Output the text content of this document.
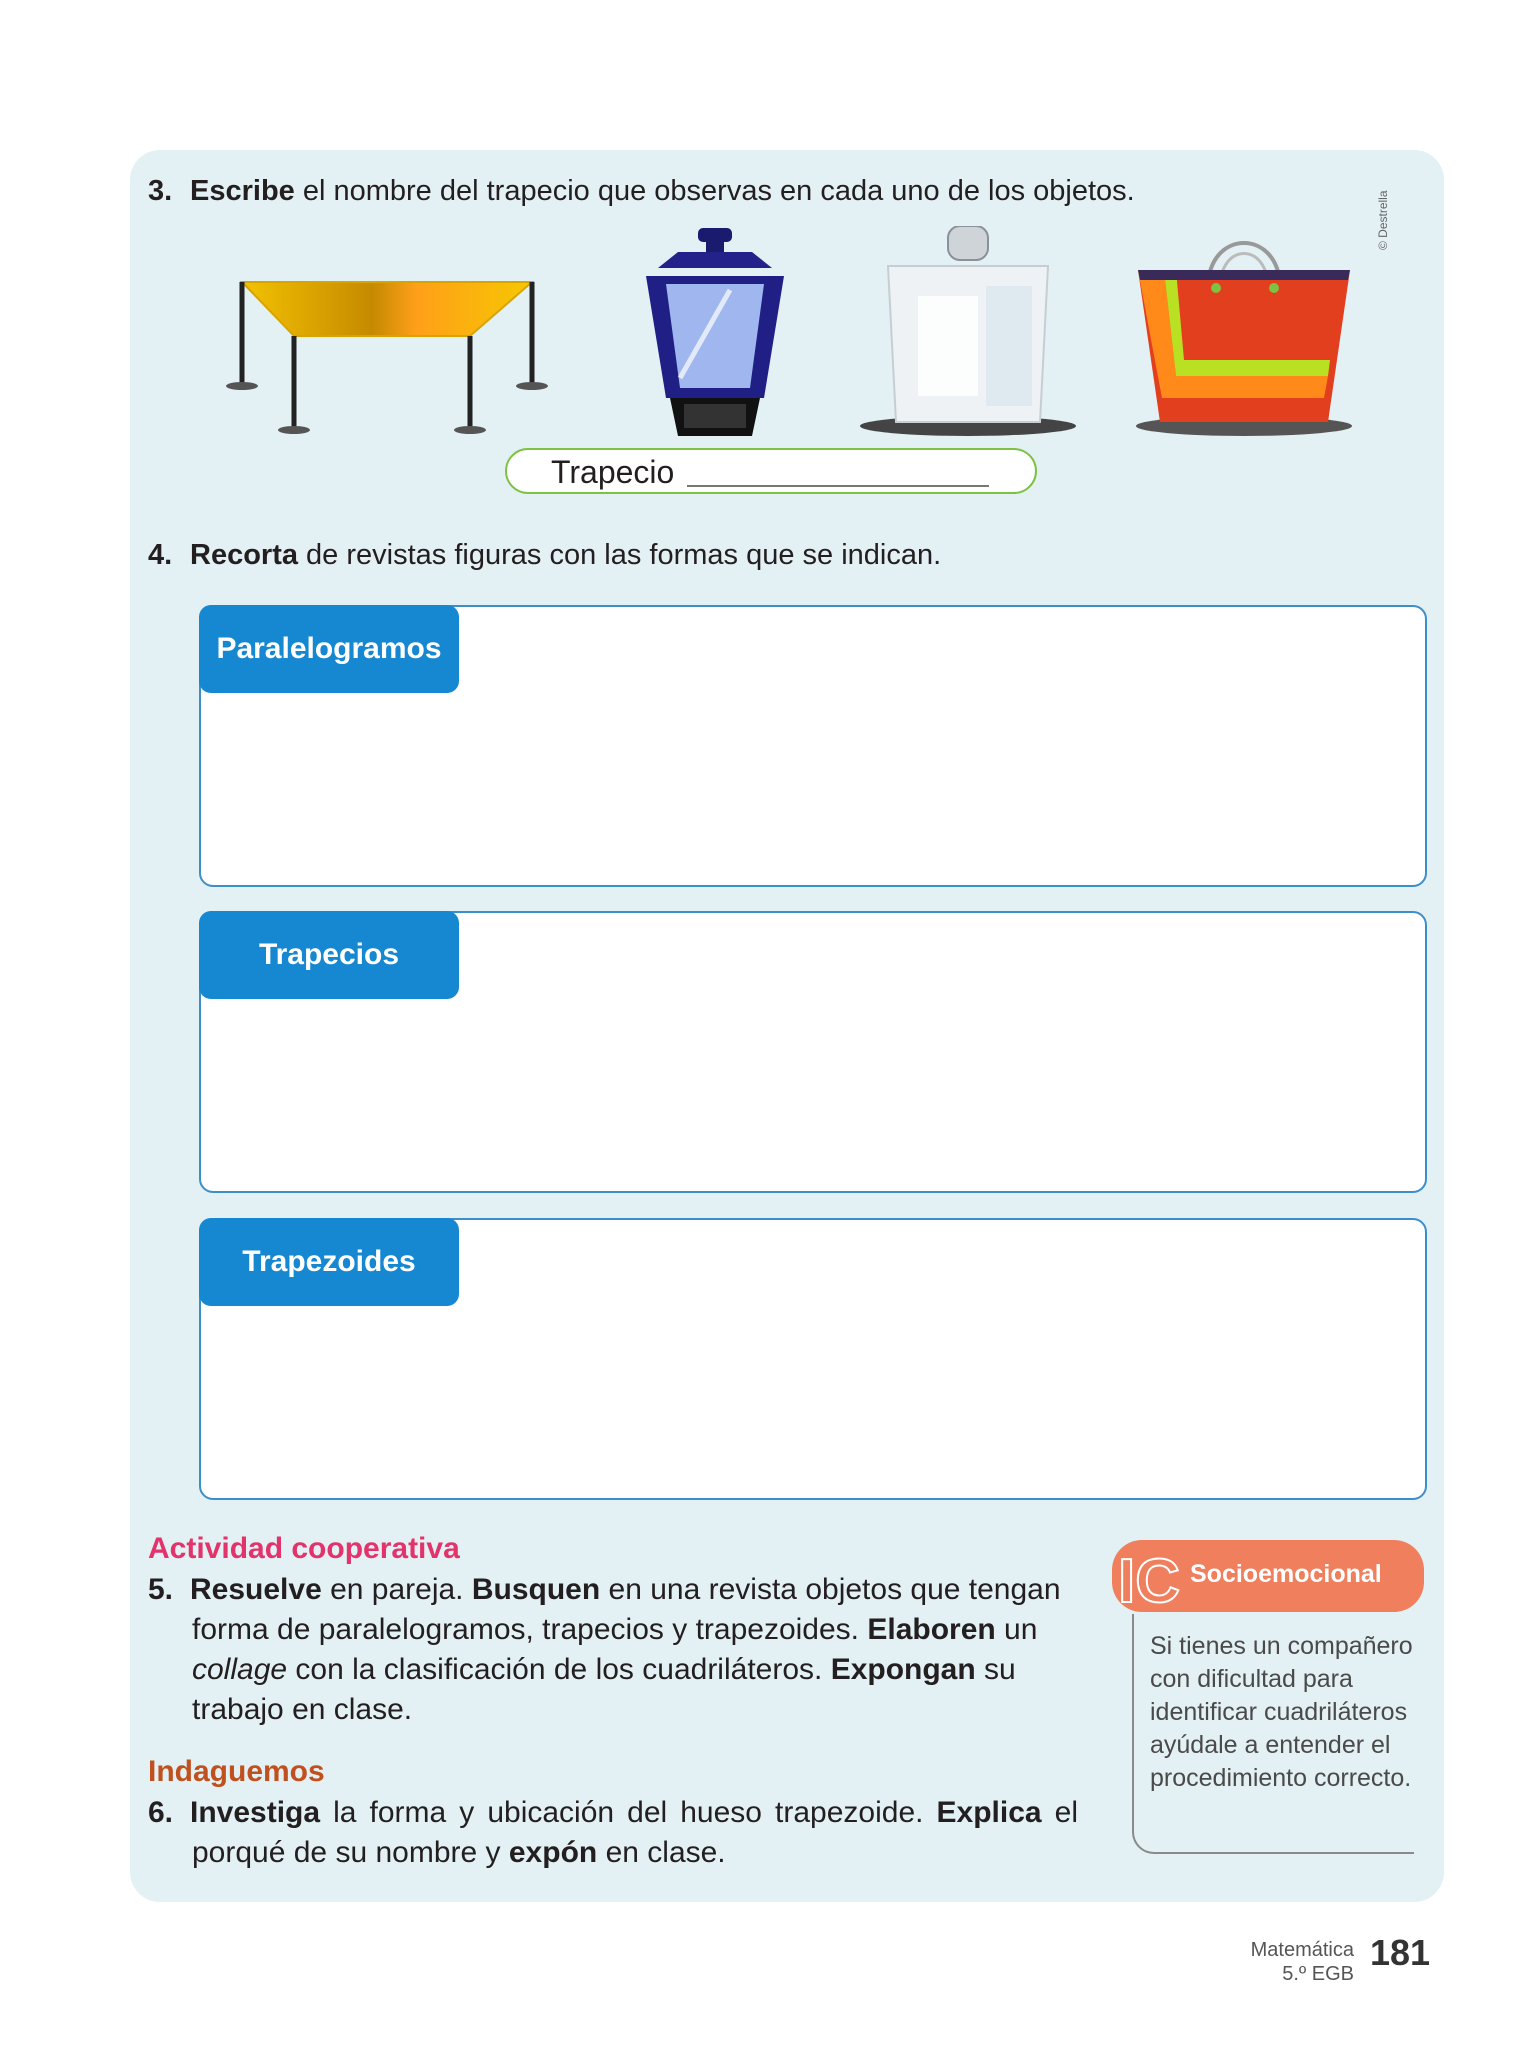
3. Escribe el nombre del trapecio que observas en cada uno de los objetos.	© Destrella
Trapecio
4. Recorta de revistas figuras con las formas que se indican.
Paralelogramos
Trapecios
Trapezoides
Actividad cooperativa
5. Resuelve en pareja. Busquen en una revista objetos que tengan forma de paralelogramos, trapecios y trapezoides. Elaboren un collage con la clasificación de los cuadriláteros. Expongan su trabajo en clase.
Indaguemos
6. Investiga la forma y ubicación del hueso trapezoide. Explica el porqué de su nombre y expón en clase.
IC Socioemocional
Si tienes un compañero con dificultad para identificar cuadriláteros ayúdale a entender el procedimiento correcto.
Matemática
5.º EGB
181
